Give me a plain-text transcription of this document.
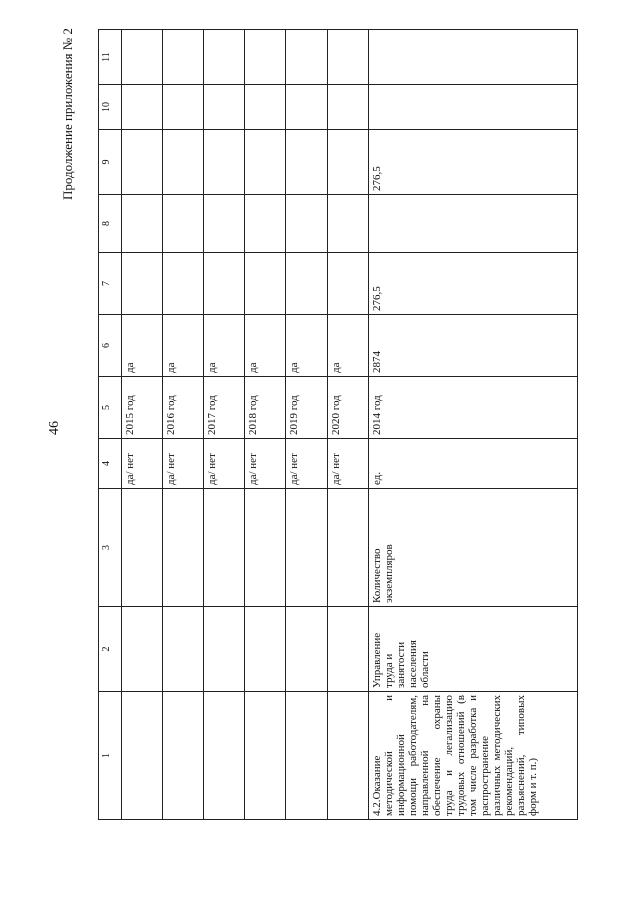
46
Продолжение приложения № 2
1	2	3	4	5	6	7	8	9	10	11
			да/ нет	2015 год	да					
			да/ нет	2016 год	да					
			да/ нет	2017 год	да					
			да/ нет	2018 год	да					
			да/ нет	2019 год	да					
			да/ нет	2020 год	да					
4.2.Оказание методической и информационной помощи работодателям, направленной на обеспечение охраны труда и легализацию трудовых отношений (в том числе разработка и распространение различных методических рекомендаций, разъяснений, типовых форм и т. п.)	Управление труда и занятости населения области	Количество экземпляров	ед.	2014 год	2874	276,5		276,5		
